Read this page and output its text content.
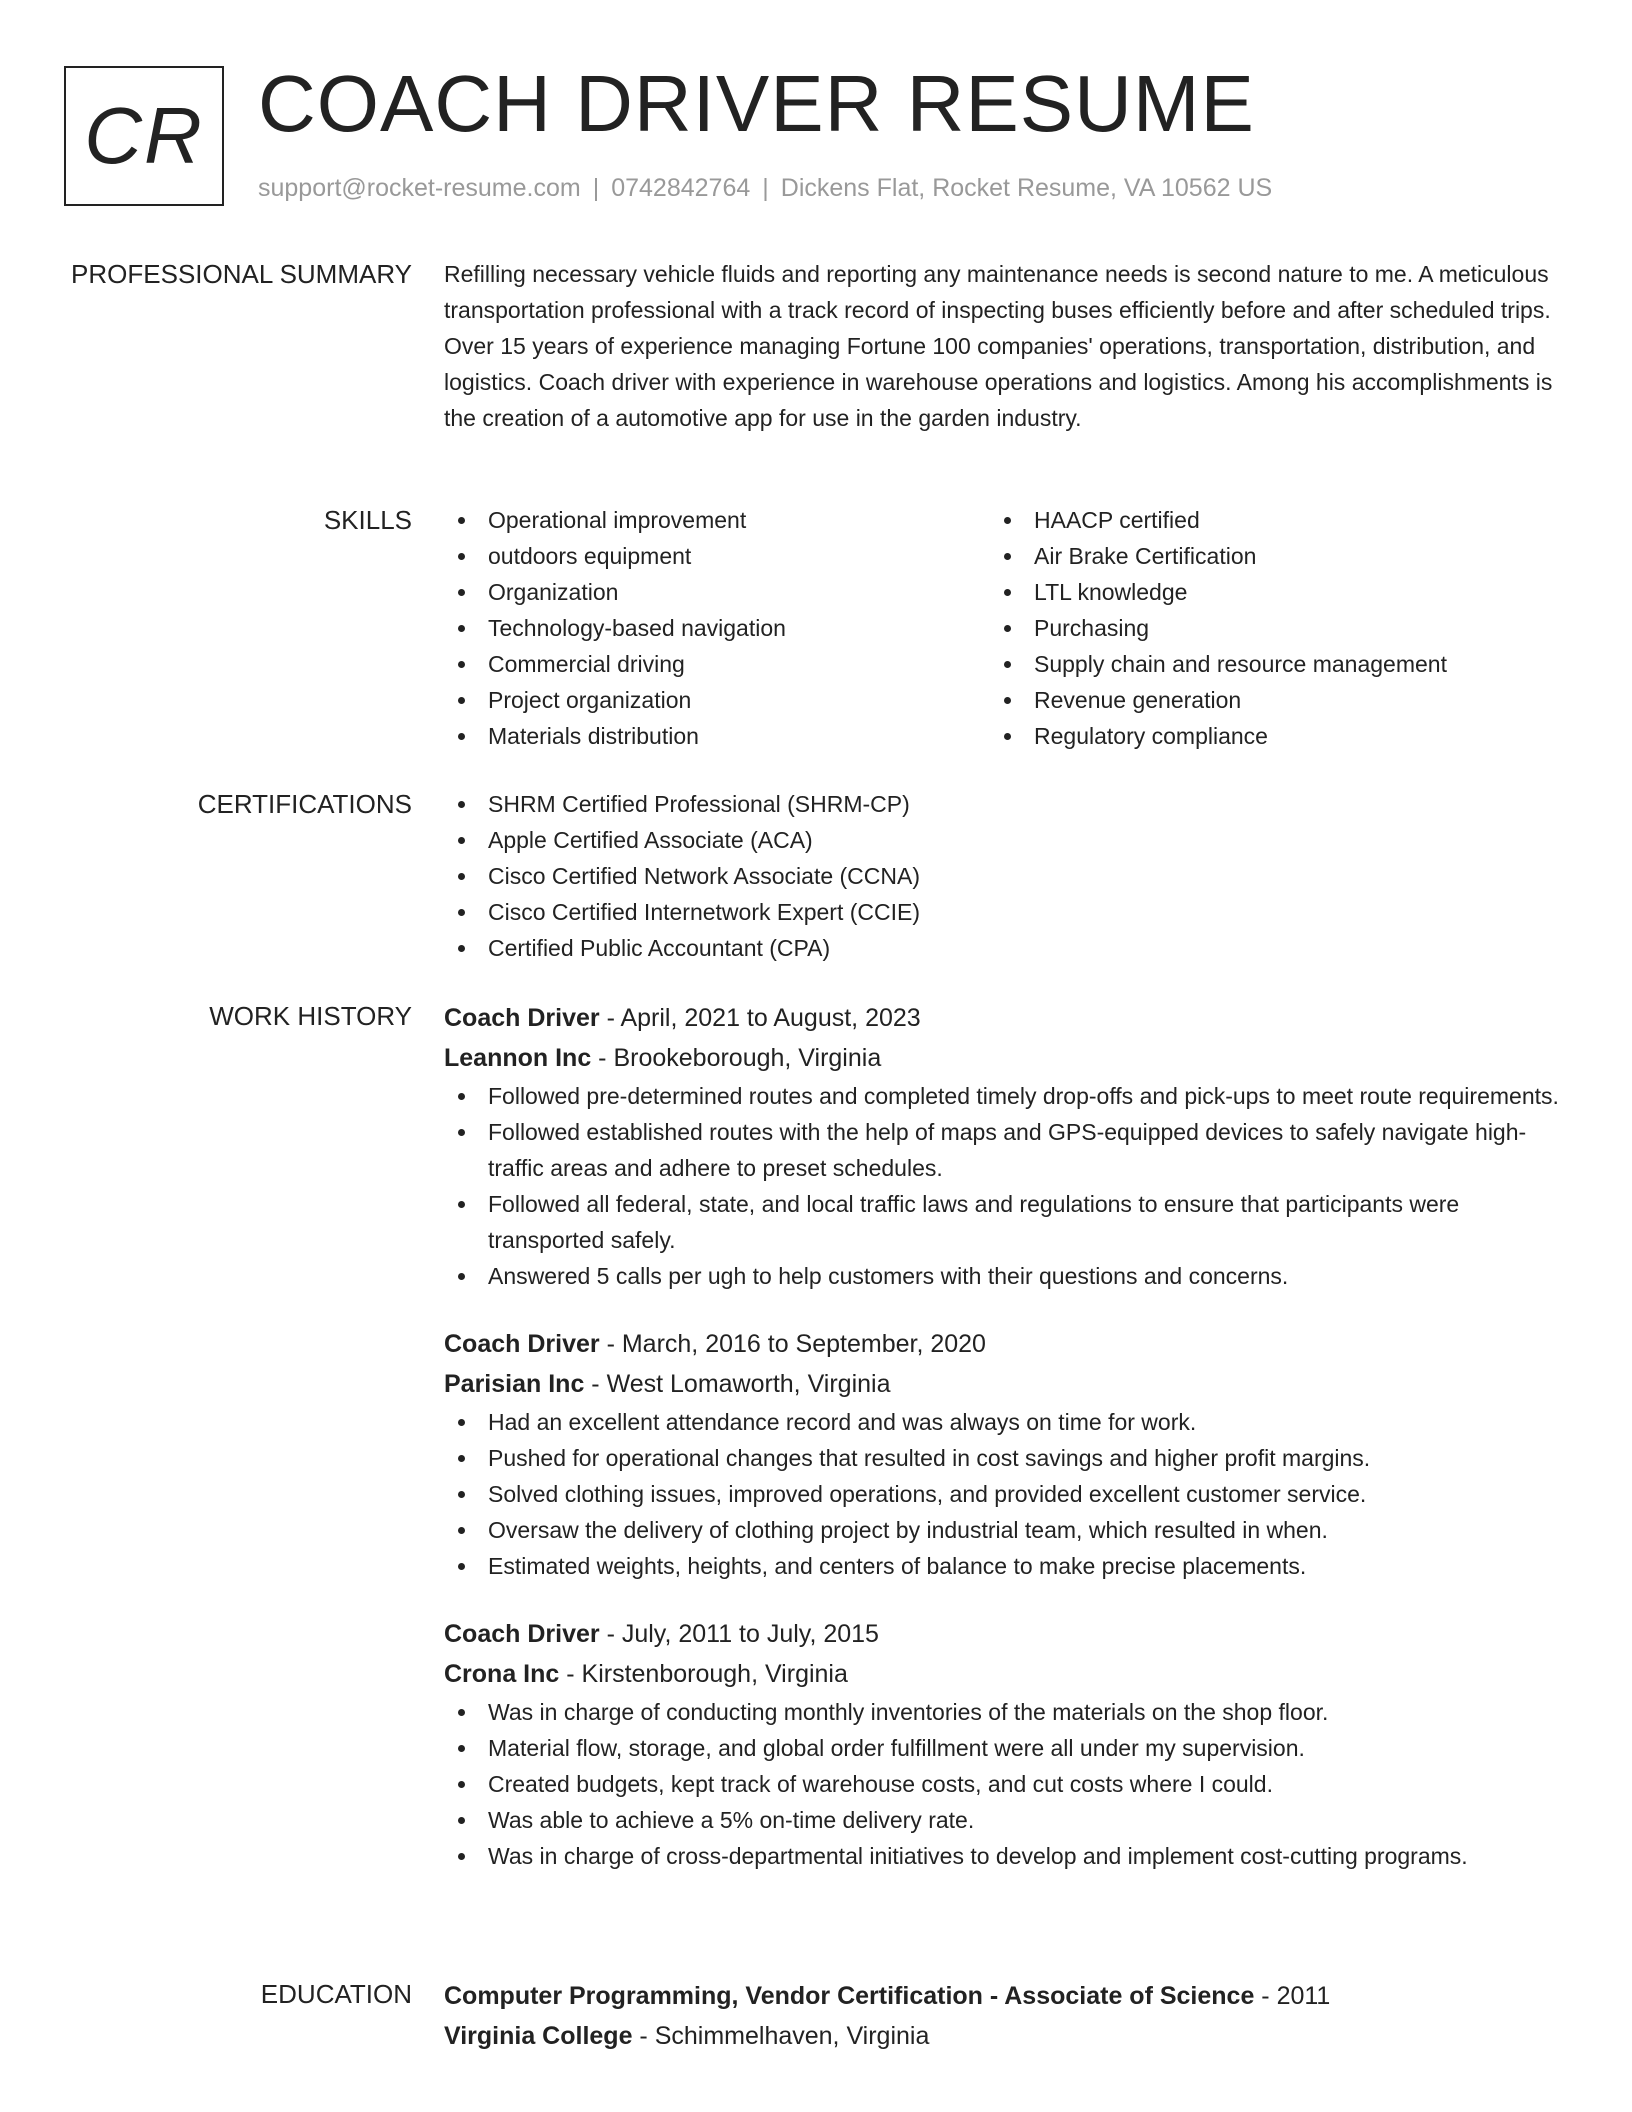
CR COACH DRIVER RESUME
support@rocket-resume.com | 0742842764 | Dickens Flat, Rocket Resume, VA 10562 US
PROFESSIONAL SUMMARY Refilling necessary vehicle fluids and reporting any maintenance needs is second nature to me. A meticulous transportation professional with a track record of inspecting buses efficiently before and after scheduled trips. Over 15 years of experience managing Fortune 100 companies' operations, transportation, distribution, and logistics. Coach driver with experience in warehouse operations and logistics. Among his accomplishments is the creation of a automotive app for use in the garden industry.

SKILLS	Operational improvement
outdoors equipment
Organization
Technology-based navigation
Commercial driving
Project organization
Materials distribution
HAACP certified
Air Brake Certification
LTL knowledge
Purchasing
Supply chain and resource management
Revenue generation
Regulatory compliance
CERTIFICATIONS	SHRM Certified Professional (SHRM-CP)
Apple Certified Associate (ACA)
Cisco Certified Network Associate (CCNA)
Cisco Certified Internetwork Expert (CCIE)
Certified Public Accountant (CPA)
WORK HISTORY Coach Driver - April, 2021 to August, 2023

Leannon Inc - Brookeborough, Virginia

Followed pre-determined routes and completed timely drop-offs and pick-ups to meet route requirements.
Followed established routes with the help of maps and GPS-equipped devices to safely navigate high-traffic areas and adhere to preset schedules.
Followed all federal, state, and local traffic laws and regulations to ensure that participants were transported safely.
Answered 5 calls per ugh to help customers with their questions and concerns.

Coach Driver - March, 2016 to September, 2020

Parisian Inc - West Lomaworth, Virginia

Had an excellent attendance record and was always on time for work.
Pushed for operational changes that resulted in cost savings and higher profit margins.
Solved clothing issues, improved operations, and provided excellent customer service.
Oversaw the delivery of clothing project by industrial team, which resulted in when.
Estimated weights, heights, and centers of balance to make precise placements.

Coach Driver - July, 2011 to July, 2015

Crona Inc - Kirstenborough, Virginia

Was in charge of conducting monthly inventories of the materials on the shop floor.
Material flow, storage, and global order fulfillment were all under my supervision.
Created budgets, kept track of warehouse costs, and cut costs where I could.
Was able to achieve a 5% on-time delivery rate.
Was in charge of cross-departmental initiatives to develop and implement cost-cutting programs.
EDUCATION Computer Programming, Vendor Certification - Associate of Science - 2011

Virginia College - Schimmelhaven, Virginia
